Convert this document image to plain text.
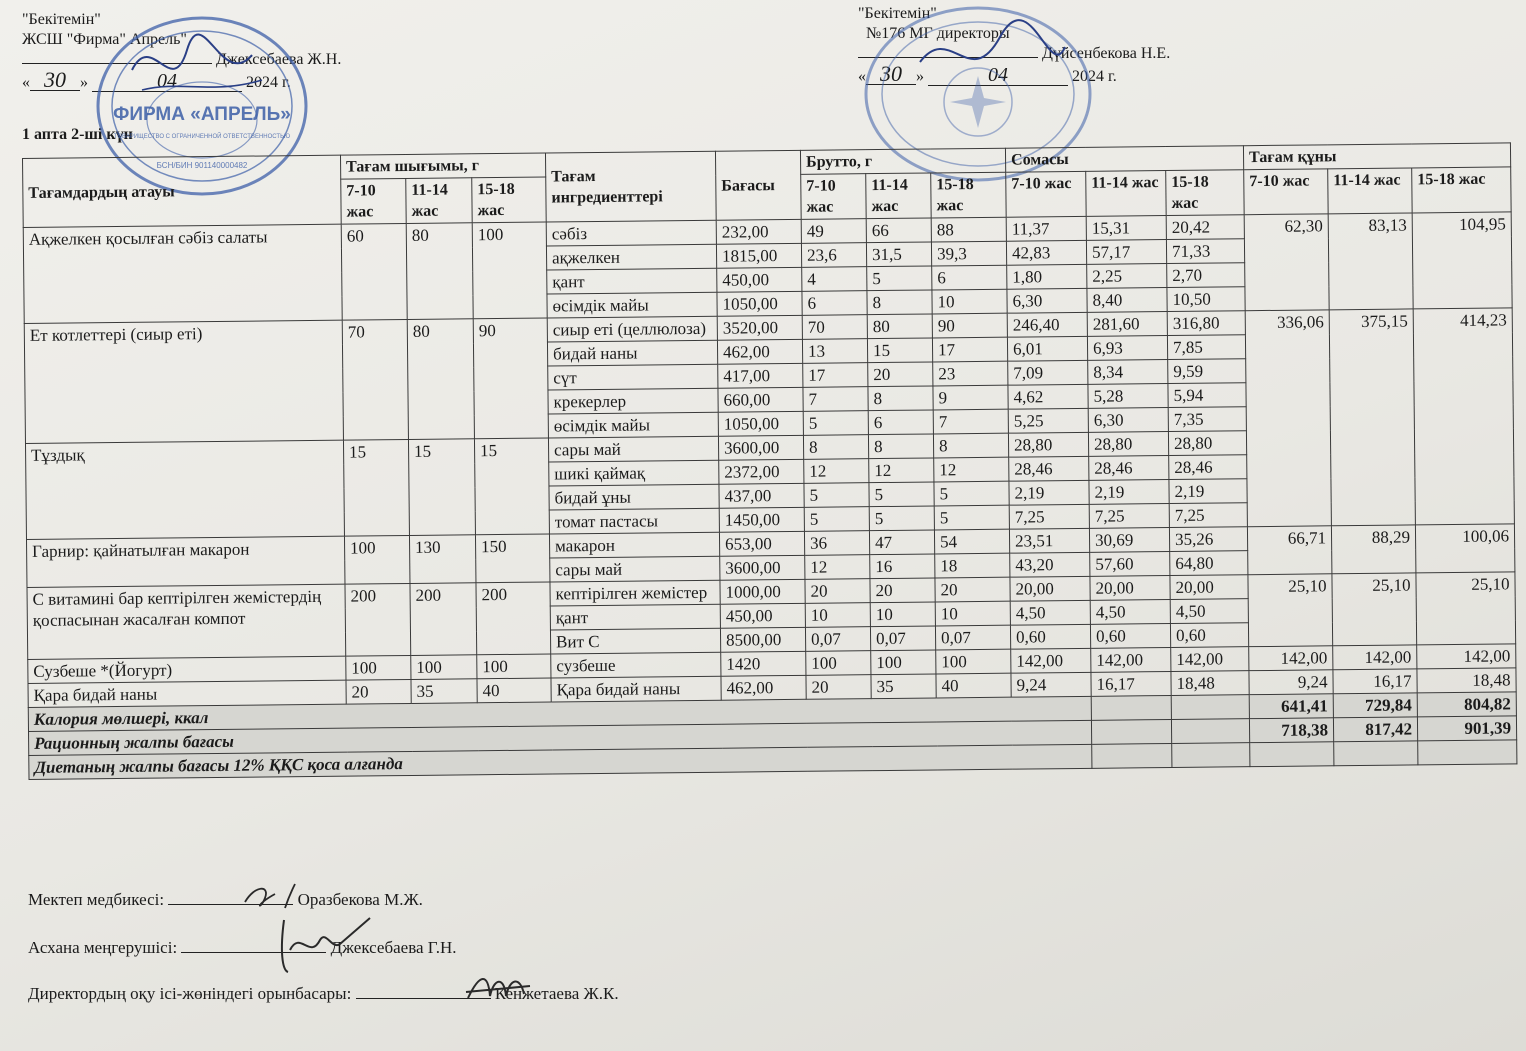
"Бекітемін"
ЖСШ "Фирма" Апрель"
Джексебаева Ж.Н.
« 30 »	04	2024 г.
"Бекітемін"
№176 МГ директоры
Дүйсенбекова Н.Е.
« 30 »	04	2024 г.
1 апта 2-ші күн
ФИРМА «АПРЕЛЬ»
ТОВАРИЩЕСТВО С ОГРАНИЧЕННОЙ ОТВЕТСТВЕННОСТЬЮ
БСН/БИН 901140000482
Тағамдардың атауы	Тағам шығымы, г			Тағам ингредиенттері	Бағасы	Брутто, г			Сомасы			Тағам құны		
	7-10 жас	11-14 жас	15-18 жас			7-10 жас	11-14 жас	15-18 жас	7-10 жас	11-14 жас	15-18 жас	7-10 жас	11-14 жас	15-18 жас
Ақжелкен қосылған сәбіз салаты	60	80	100	сәбіз	232,00	49	66	88	11,37	15,31	20,42	62,30	83,13	104,95
				ақжелкен	1815,00	23,6	31,5	39,3	42,83	57,17	71,33			
				қант	450,00	4	5	6	1,80	2,25	2,70			
				өсімдік майы	1050,00	6	8	10	6,30	8,40	10,50			
Ет котлеттері (сиыр еті)	70	80	90	сиыр еті (целлюлоза)	3520,00	70	80	90	246,40	281,60	316,80	336,06	375,15	414,23
				бидай наны	462,00	13	15	17	6,01	6,93	7,85			
				сүт	417,00	17	20	23	7,09	8,34	9,59			
				крекерлер	660,00	7	8	9	4,62	5,28	5,94			
				өсімдік майы	1050,00	5	6	7	5,25	6,30	7,35			
Тұздық	15	15	15	сары май	3600,00	8	8	8	28,80	28,80	28,80			
				шикі қаймақ	2372,00	12	12	12	28,46	28,46	28,46			
				бидай ұны	437,00	5	5	5	2,19	2,19	2,19			
				томат пастасы	1450,00	5	5	5	7,25	7,25	7,25			
Гарнир: қайнатылған макарон	100	130	150	макарон	653,00	36	47	54	23,51	30,69	35,26	66,71	88,29	100,06
				сары май	3600,00	12	16	18	43,20	57,60	64,80			
С витамині бар кептірілген жемістердің қоспасынан жасалған компот	200	200	200	кептірілген жемістер	1000,00	20	20	20	20,00	20,00	20,00	25,10	25,10	25,10
				қант	450,00	10	10	10	4,50	4,50	4,50			
				Вит С	8500,00	0,07	0,07	0,07	0,60	0,60	0,60			
Сузбеше *(Йогурт)	100	100	100	сузбеше	1420	100	100	100	142,00	142,00	142,00	142,00	142,00	142,00
Қара бидай наны	20	35	40	Қара бидай наны	462,00	20	35	40	9,24	16,17	18,48	9,24	16,17	18,48
Калория мөлшері, ккал												641,41	729,84	804,82
Рационның жалпы бағасы												718,38	817,42	901,39
Диетаның жалпы бағасы 12% ҚҚС қоса алғанда														
Мектеп медбикесі:	Оразбекова М.Ж.
Асхана меңгерушісі:	Джексебаева Г.Н.
Директордың оқу ісі-жөніндегі орынбасары:	Кенжетаева Ж.К.
